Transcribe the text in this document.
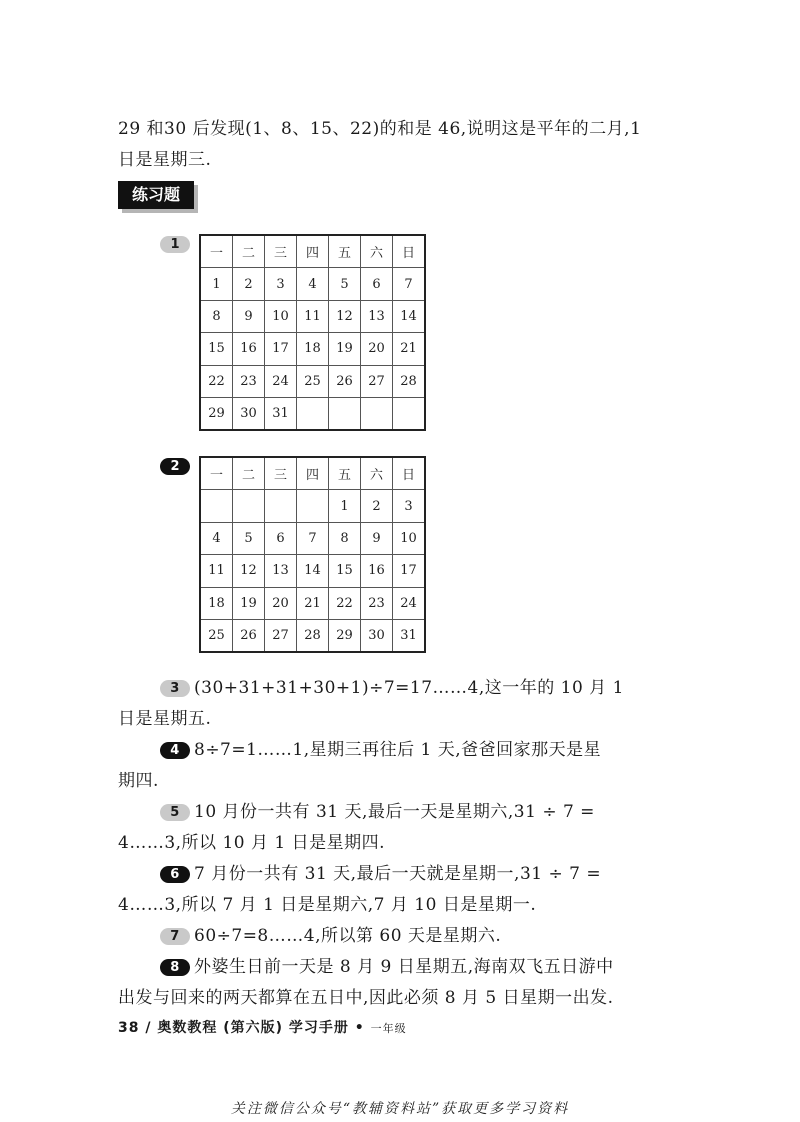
29 和30 后发现(1、8、15、22)的和是 46,说明这是平年的二月,1
日是星期三.
练习题
1
一	二	三	四	五	六	日
1	2	3	4	5	6	7
8	9	10	11	12	13	14
15	16	17	18	19	20	21
22	23	24	25	26	27	28
29	30	31				
2
一	二	三	四	五	六	日
				1	2	3
4	5	6	7	8	9	10
11	12	13	14	15	16	17
18	19	20	21	22	23	24
25	26	27	28	29	30	31
3 (30+31+31+30+1)÷7=17……4,这一年的 10 月 1
日是星期五.
4 8÷7=1……1,星期三再往后 1 天,爸爸回家那天是星
期四.
5 10 月份一共有 31 天,最后一天是星期六,31 ÷ 7 =
4……3,所以 10 月 1 日是星期四.
6 7 月份一共有 31 天,最后一天就是星期一,31 ÷ 7 =
4……3,所以 7 月 1 日是星期六,7 月 10 日是星期一.
7 60÷7=8……4,所以第 60 天是星期六.
8 外婆生日前一天是 8 月 9 日星期五,海南双飞五日游中
出发与回来的两天都算在五日中,因此必须 8 月 5 日星期一出发.
38 / 奥数教程 (第六版) 学习手册 • 一年级
关注微信公众号“教辅资料站”获取更多学习资料
